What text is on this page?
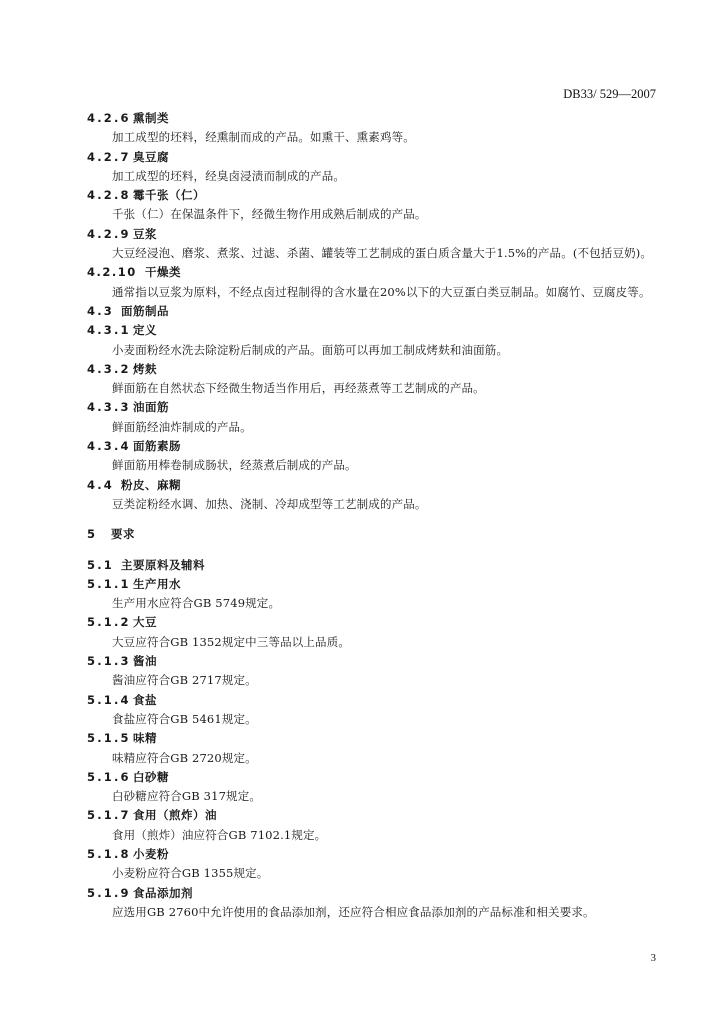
DB33/ 529—2007
4.2.6 熏制类
加工成型的坯料，经熏制而成的产品。如熏干、熏素鸡等。
4.2.7 臭豆腐
加工成型的坯料，经臭卤浸渍而制成的产品。
4.2.8 霉千张（仁）
千张（仁）在保温条件下，经微生物作用成熟后制成的产品。
4.2.9 豆浆
大豆经浸泡、磨浆、煮浆、过滤、杀菌、罐装等工艺制成的蛋白质含量大于1.5%的产品。(不包括豆奶)。
4.2.10 干燥类
通常指以豆浆为原料，不经点卤过程制得的含水量在20%以下的大豆蛋白类豆制品。如腐竹、豆腐皮等。
4.3 面筋制品
4.3.1 定义
小麦面粉经水洗去除淀粉后制成的产品。面筋可以再加工制成烤麸和油面筋。
4.3.2 烤麸
鲜面筋在自然状态下经微生物适当作用后，再经蒸煮等工艺制成的产品。
4.3.3 油面筋
鲜面筋经油炸制成的产品。
4.3.4 面筋素肠
鲜面筋用棒卷制成肠状，经蒸煮后制成的产品。
4.4 粉皮、麻糊
豆类淀粉经水调、加热、浇制、冷却成型等工艺制成的产品。
5 要求
5.1 主要原料及辅料
5.1.1 生产用水
生产用水应符合GB 5749规定。
5.1.2 大豆
大豆应符合GB 1352规定中三等品以上品质。
5.1.3 酱油
酱油应符合GB 2717规定。
5.1.4 食盐
食盐应符合GB 5461规定。
5.1.5 味精
味精应符合GB 2720规定。
5.1.6 白砂糖
白砂糖应符合GB 317规定。
5.1.7 食用（煎炸）油
食用（煎炸）油应符合GB 7102.1规定。
5.1.8 小麦粉
小麦粉应符合GB 1355规定。
5.1.9 食品添加剂
应选用GB 2760中允许使用的食品添加剂，还应符合相应食品添加剂的产品标准和相关要求。
3
